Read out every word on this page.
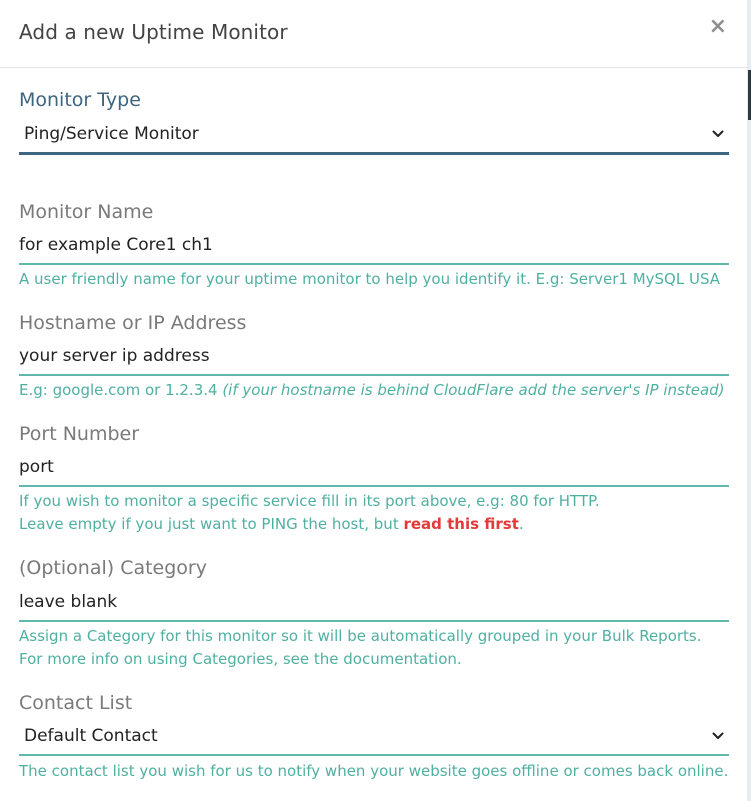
Add a new Uptime Monitor	×
Monitor Type
Ping/Service Monitor
Monitor Name
for example Core1 ch1
A user friendly name for your uptime monitor to help you identify it. E.g: Server1 MySQL USA
Hostname or IP Address
your server ip address
E.g: google.com or 1.2.3.4 (if your hostname is behind CloudFlare add the server's IP instead)
Port Number
port
If you wish to monitor a specific service fill in its port above, e.g: 80 for HTTP.
Leave empty if you just want to PING the host, but read this first.
(Optional) Category
leave blank
Assign a Category for this monitor so it will be automatically grouped in your Bulk Reports.
For more info on using Categories, see the documentation.
Contact List
Default Contact
The contact list you wish for us to notify when your website goes offline or comes back online.
